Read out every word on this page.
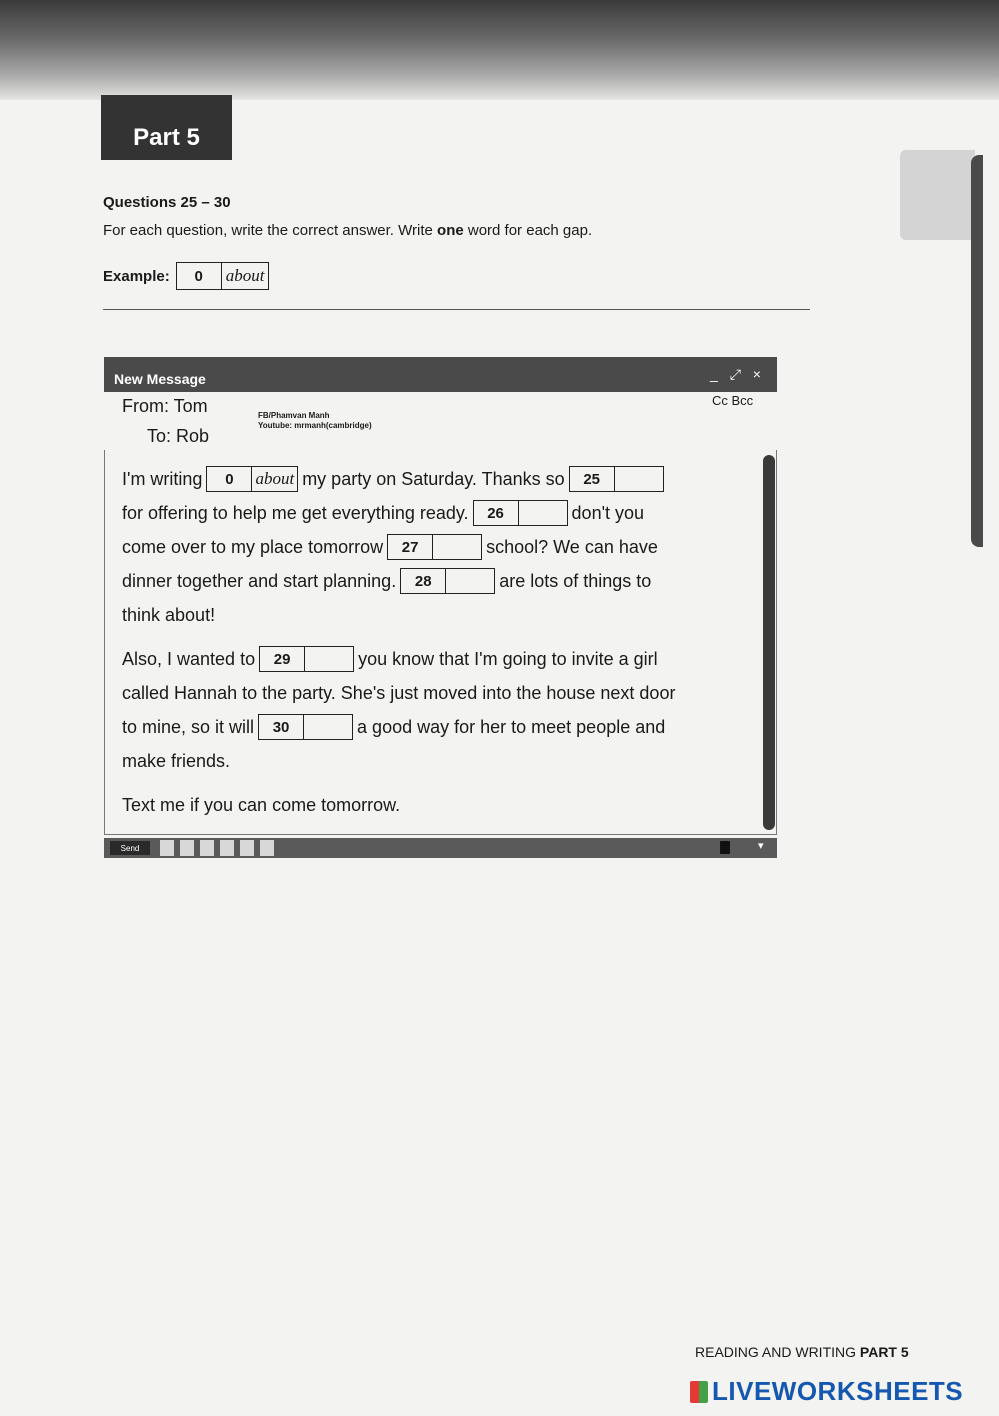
Part 5
Questions 25 – 30
For each question, write the correct answer. Write one word for each gap.
Example:	0	about
New Message	_ ⤢ ×
Cc Bcc
From: Tom
To: Rob
FB/Phamvan Manh
Youtube: mrmanh(cambridge)
I'm writing	0	about my party on Saturday. Thanks so	25
for offering to help me get everything ready.	26	don't you
come over to my place tomorrow	27	school? We can have
dinner together and start planning.	28	are lots of things to
think about!
Also, I wanted to	29	you know that I'm going to invite a girl
called Hannah to the party. She's just moved into the house next door
to mine, so it will	30	a good way for her to meet people and
make friends.
Text me if you can come tomorrow.
Send	▾
READING AND WRITING PART 5
LIVEWORKSHEETS
